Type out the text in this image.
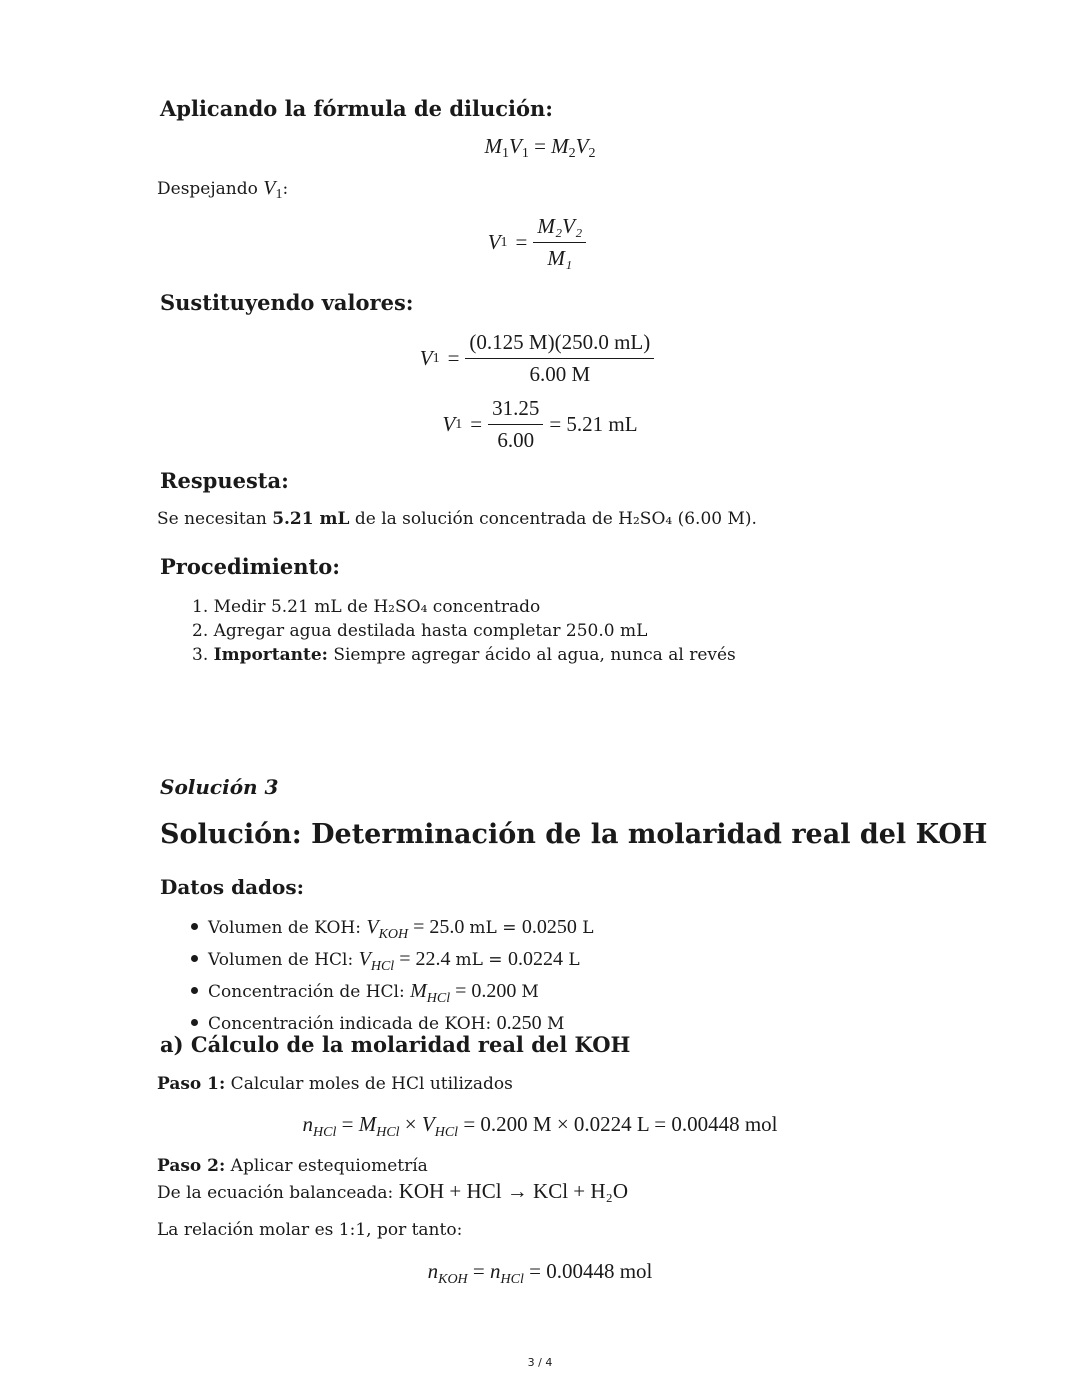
Aplicando la fórmula de dilución:
$M_1V_1 = M_2V_2$
Despejando $V_1$:
V $1 = \frac{\text{M₂V₂}}{\text{M₁}}$
Sustituyendo valores:
V $1 = \frac{(0.125 M)(250.0 mL)}{6.00 M}$
V $1 = \frac{31.25}{6.00} = 5.21$ mL
Respuesta:
Se necesitan 5.21 mL de la solución concentrada de H₂SO₄ (6.00 M).
Procedimiento:
1. Medir 5.21 mL de H₂SO₄ concentrado
2. Agregar agua destilada hasta completar 250.0 mL
3. Importante: Siempre agregar ácido al agua, nunca al revés
Solución 3
Solución: Determinación de la molaridad real del KOH
Datos dados:
Volumen de KOH: $V_{KOH} = 25.0$ mL = 0.0250 L
Volumen de HCl: $V_{HCl} = 22.4$ mL = 0.0224 L
Concentración de HCl: $M_{HCl} = 0.200$ M
Concentración indicada de KOH: 0.250 M
a) Cálculo de la molaridad real del KOH
Paso 1: Calcular moles de HCl utilizados
$n_{HCl} = M_{HCl} \times V_{HCl} = 0.200$ M × 0.0224 L = 0.00448 mol
Paso 2: Aplicar estequiometría
De la ecuación balanceada: KOH + HCl → KCl + H₂O
La relación molar es 1:1, por tanto:
$n_{KOH} = n_{HCl} = 0.00448$ mol
3 / 4
